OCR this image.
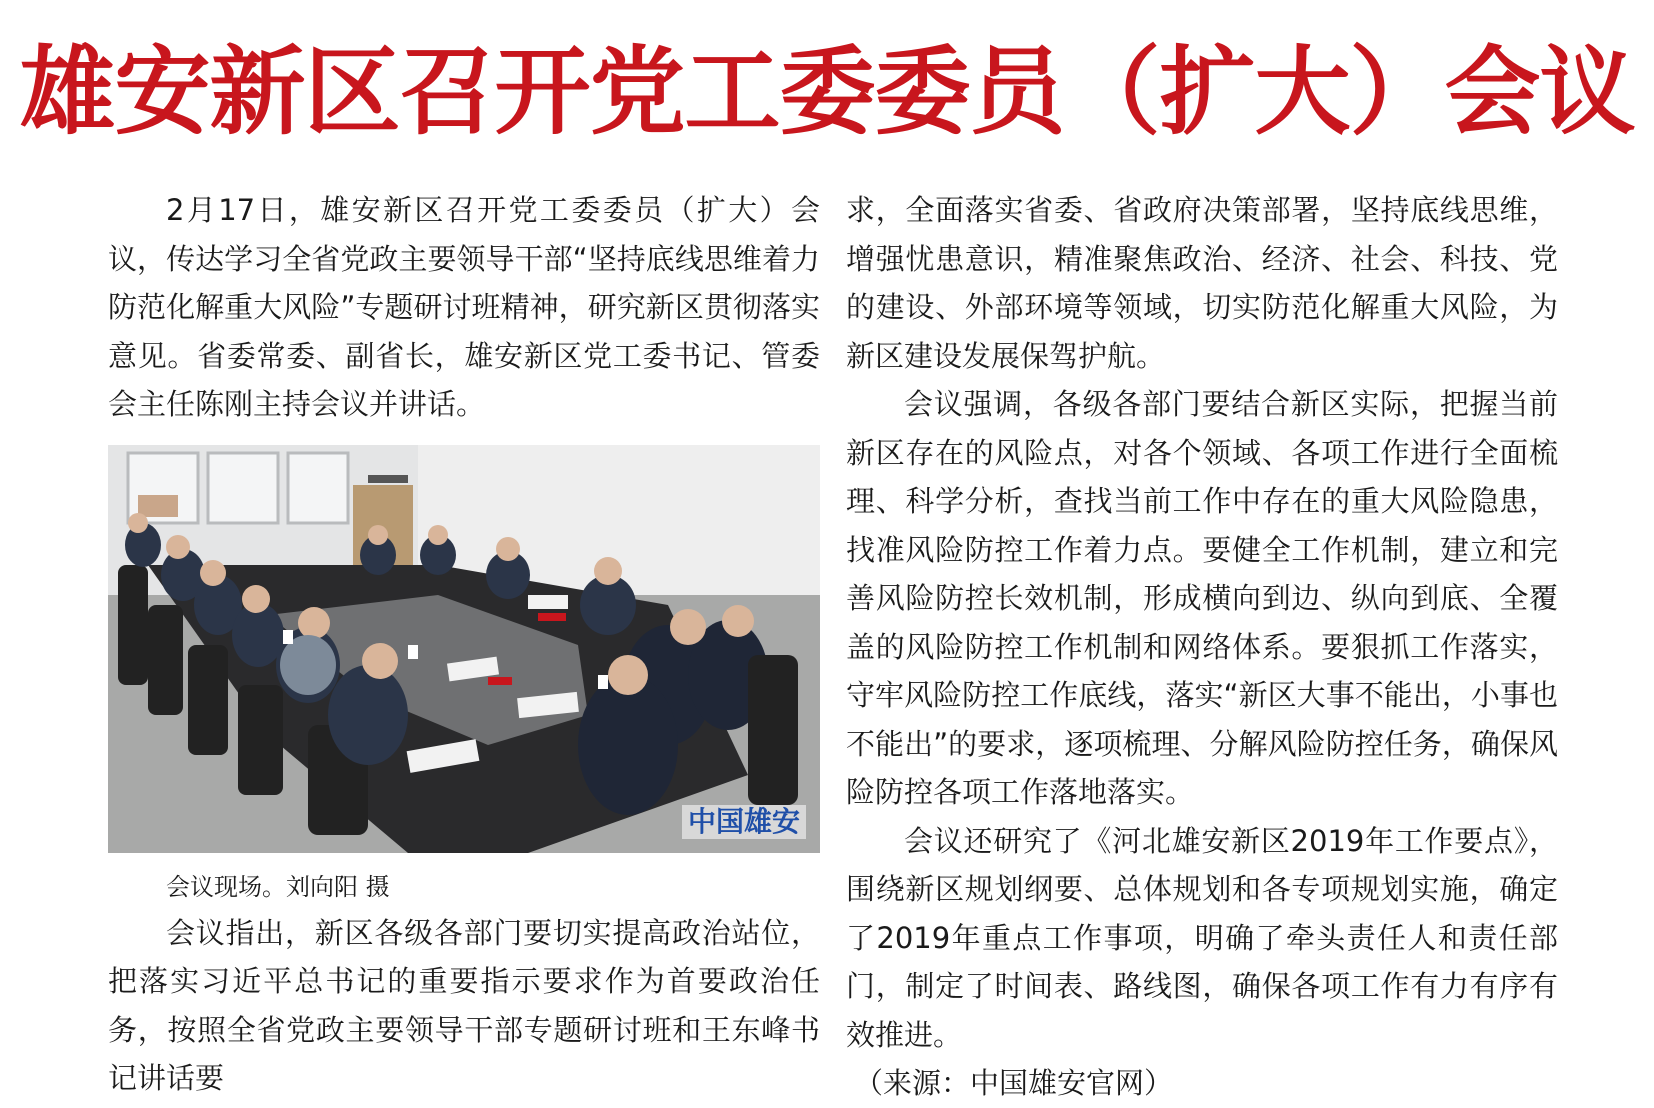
雄安新区召开党工委委员（扩大）会议

2月17日，雄安新区召开党工委委员（扩大）会议，传达学习全省党政主要领导干部“坚持底线思维着力防范化解重大风险”专题研讨班精神，研究新区贯彻落实意见。省委常委、副省长，雄安新区党工委书记、管委会主任陈刚主持会议并讲话。

中国雄安
会议现场。刘向阳 摄

会议指出，新区各级各部门要切实提高政治站位，把落实习近平总书记的重要指示要求作为首要政治任务，按照全省党政主要领导干部专题研讨班和王东峰书记讲话要

求，全面落实省委、省政府决策部署，坚持底线思维，增强忧患意识，精准聚焦政治、经济、社会、科技、党的建设、外部环境等领域，切实防范化解重大风险，为新区建设发展保驾护航。

会议强调，各级各部门要结合新区实际，把握当前新区存在的风险点，对各个领域、各项工作进行全面梳理、科学分析，查找当前工作中存在的重大风险隐患，找准风险防控工作着力点。要健全工作机制，建立和完善风险防控长效机制，形成横向到边、纵向到底、全覆盖的风险防控工作机制和网络体系。要狠抓工作落实，守牢风险防控工作底线，落实“新区大事不能出，小事也不能出”的要求，逐项梳理、分解风险防控任务，确保风险防控各项工作落地落实。

会议还研究了《河北雄安新区2019年工作要点》，围绕新区规划纲要、总体规划和各专项规划实施，确定了2019年重点工作事项，明确了牵头责任人和责任部门，制定了时间表、路线图，确保各项工作有力有序有效推进。

（来源：中国雄安官网）
